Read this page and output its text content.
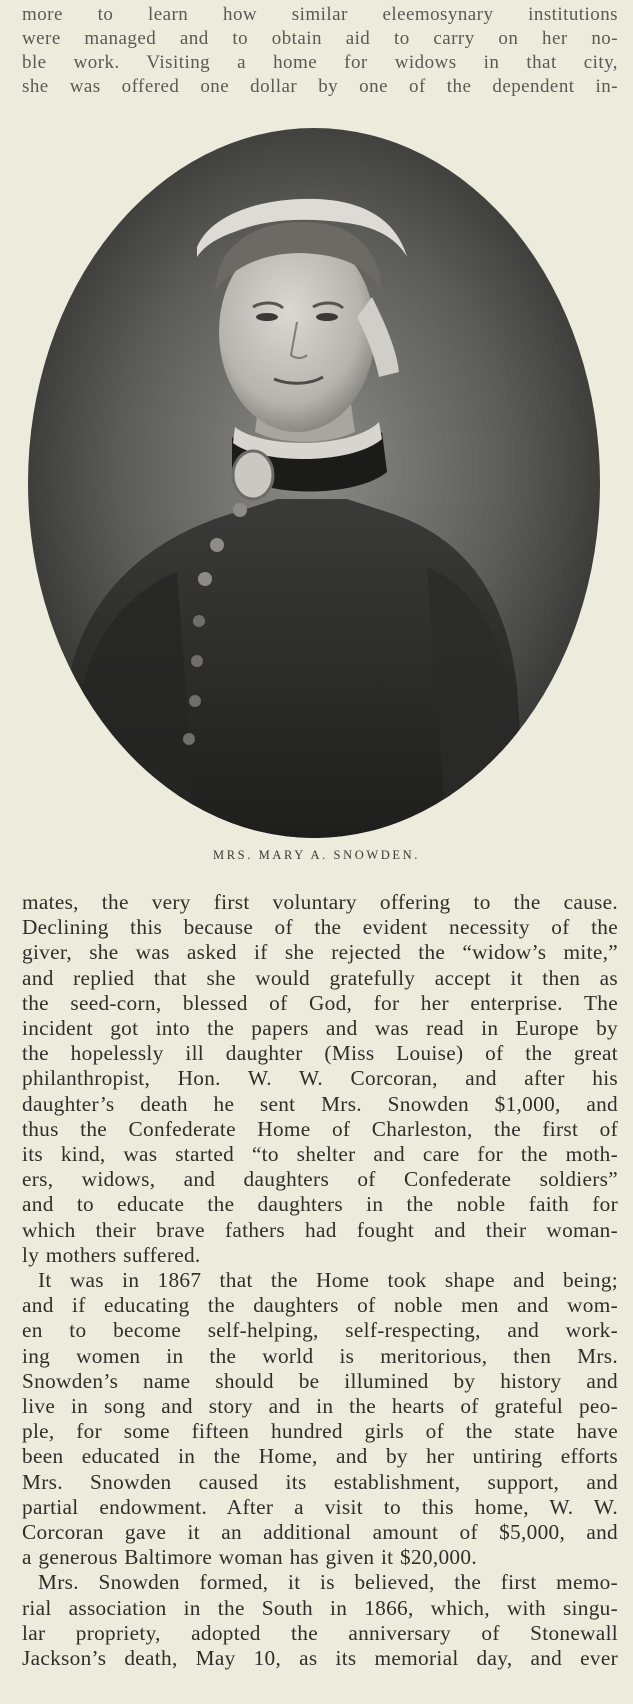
more to learn how similar eleemosynary institutions
were managed and to obtain aid to carry on her no-
ble work. Visiting a home for widows in that city,
she was offered one dollar by one of the dependent in-

MRS. MARY A. SNOWDEN.

mates, the very first voluntary offering to the cause.
Declining this because of the evident necessity of the
giver, she was asked if she rejected the “widow’s mite,”
and replied that she would gratefully accept it then as
the seed-corn, blessed of God, for her enterprise. The
incident got into the papers and was read in Europe by
the hopelessly ill daughter (Miss Louise) of the great
philanthropist, Hon. W. W. Corcoran, and after his
daughter’s death he sent Mrs. Snowden $1,000, and
thus the Confederate Home of Charleston, the first of
its kind, was started “to shelter and care for the moth-
ers, widows, and daughters of Confederate soldiers”
and to educate the daughters in the noble faith for
which their brave fathers had fought and their woman-
ly mothers suffered.
It was in 1867 that the Home took shape and being;
and if educating the daughters of noble men and wom-
en to become self-helping, self-respecting, and work-
ing women in the world is meritorious, then Mrs.
Snowden’s name should be illumined by history and
live in song and story and in the hearts of grateful peo-
ple, for some fifteen hundred girls of the state have
been educated in the Home, and by her untiring efforts
Mrs. Snowden caused its establishment, support, and
partial endowment. After a visit to this home, W. W.
Corcoran gave it an additional amount of $5,000, and
a generous Baltimore woman has given it $20,000.
Mrs. Snowden formed, it is believed, the first memo-
rial association in the South in 1866, which, with singu-
lar propriety, adopted the anniversary of Stonewall
Jackson’s death, May 10, as its memorial day, and ever
